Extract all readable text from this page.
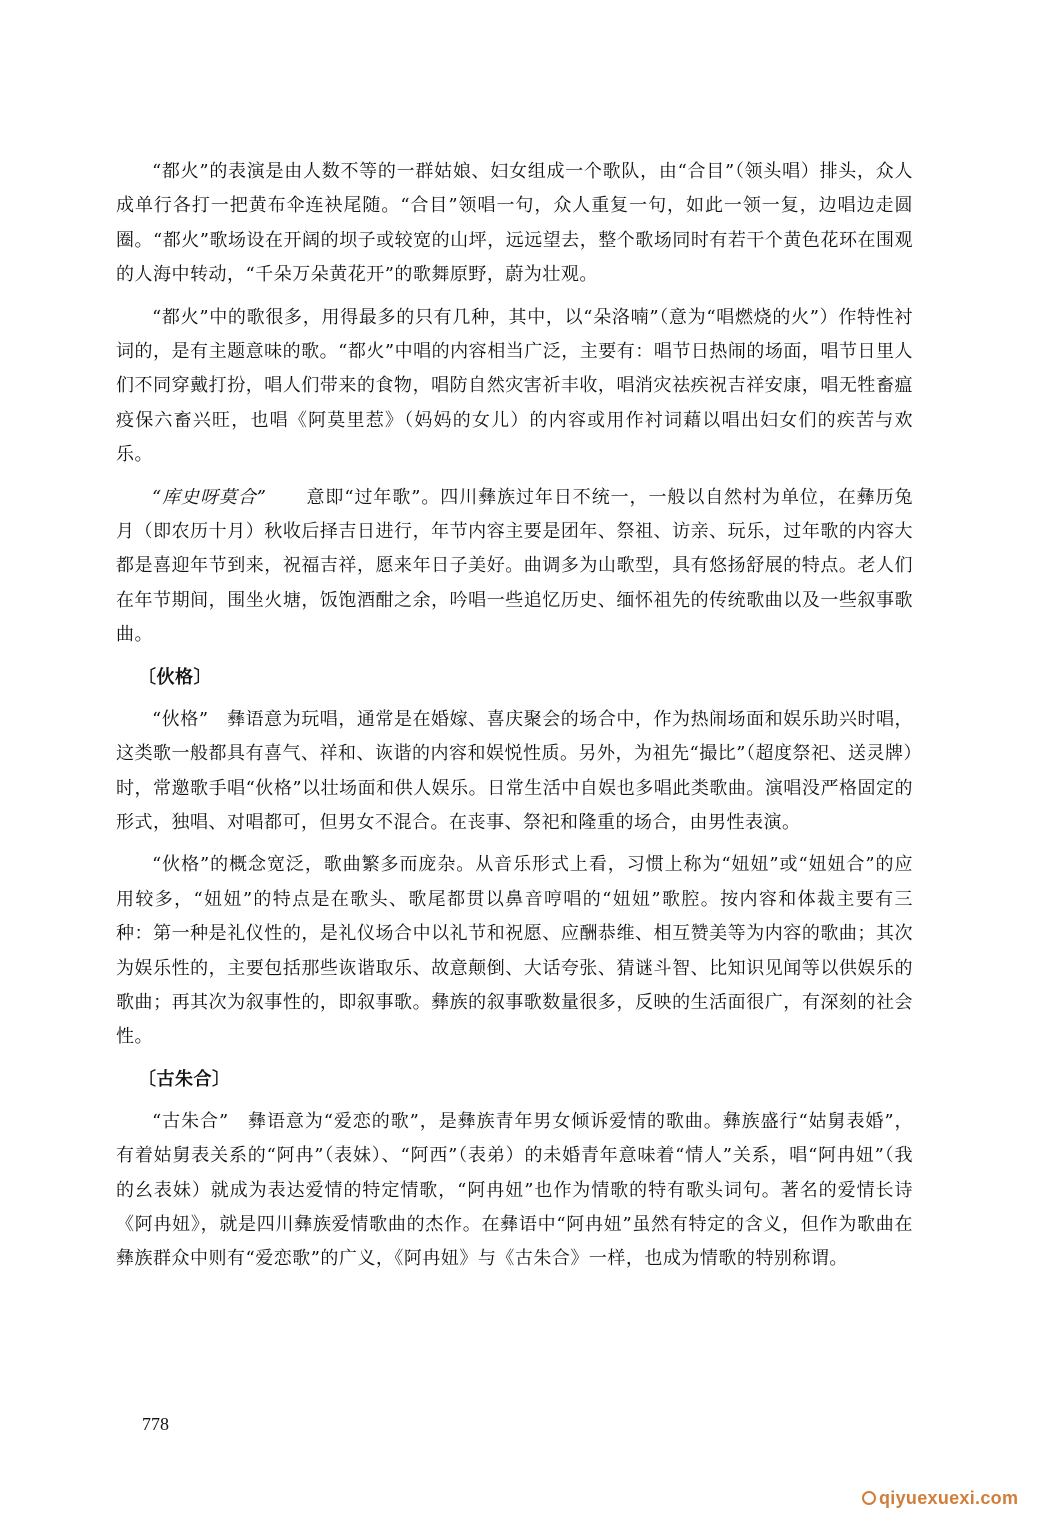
“都火”的表演是由人数不等的一群姑娘、妇女组成一个歌队，由“合目”（领头唱）排头，众人成单行各打一把黄布伞连袂尾随。“合目”领唱一句，众人重复一句，如此一领一复，边唱边走圆圈。“都火”歌场设在开阔的坝子或较宽的山坪，远远望去，整个歌场同时有若干个黄色花环在围观的人海中转动，“千朵万朵黄花开”的歌舞原野，蔚为壮观。

“都火”中的歌很多，用得最多的只有几种，其中，以“朵洛喃”（意为“唱燃烧的火”）作特性衬词的，是有主题意味的歌。“都火”中唱的内容相当广泛，主要有：唱节日热闹的场面，唱节日里人们不同穿戴打扮，唱人们带来的食物，唱防自然灾害祈丰收，唱消灾祛疾祝吉祥安康，唱无牲畜瘟疫保六畜兴旺，也唱《阿莫里惹》（妈妈的女儿）的内容或用作衬词藉以唱出妇女们的疾苦与欢乐。

“库史呀莫合” 意即“过年歌”。四川彝族过年日不统一，一般以自然村为单位，在彝历兔月（即农历十月）秋收后择吉日进行，年节内容主要是团年、祭祖、访亲、玩乐，过年歌的内容大都是喜迎年节到来，祝福吉祥，愿来年日子美好。曲调多为山歌型，具有悠扬舒展的特点。老人们在年节期间，围坐火塘，饭饱酒酣之余，吟唱一些追忆历史、缅怀祖先的传统歌曲以及一些叙事歌曲。

〔伙格〕

“伙格”　彝语意为玩唱，通常是在婚嫁、喜庆聚会的场合中，作为热闹场面和娱乐助兴时唱，这类歌一般都具有喜气、祥和、诙谐的内容和娱悦性质。另外，为祖先“撮比”（超度祭祀、送灵牌）时，常邀歌手唱“伙格”以壮场面和供人娱乐。日常生活中自娱也多唱此类歌曲。演唱没严格固定的形式，独唱、对唱都可，但男女不混合。在丧事、祭祀和隆重的场合，由男性表演。

“伙格”的概念宽泛，歌曲繁多而庞杂。从音乐形式上看，习惯上称为“妞妞”或“妞妞合”的应用较多，“妞妞”的特点是在歌头、歌尾都贯以鼻音哼唱的“妞妞”歌腔。按内容和体裁主要有三种：第一种是礼仪性的，是礼仪场合中以礼节和祝愿、应酬恭维、相互赞美等为内容的歌曲；其次为娱乐性的，主要包括那些诙谐取乐、故意颠倒、大话夸张、猜谜斗智、比知识见闻等以供娱乐的歌曲；再其次为叙事性的，即叙事歌。彝族的叙事歌数量很多，反映的生活面很广，有深刻的社会性。

〔古朱合〕

“古朱合”　彝语意为“爱恋的歌”，是彝族青年男女倾诉爱情的歌曲。彝族盛行“姑舅表婚”，有着姑舅表关系的“阿冉”（表妹）、“阿西”（表弟）的未婚青年意味着“情人”关系，唱“阿冉妞”（我的幺表妹）就成为表达爱情的特定情歌，“阿冉妞”也作为情歌的特有歌头词句。著名的爱情长诗《阿冉妞》，就是四川彝族爱情歌曲的杰作。在彝语中“阿冉妞”虽然有特定的含义，但作为歌曲在彝族群众中则有“爱恋歌”的广义，《阿冉妞》与《古朱合》一样，也成为情歌的特别称谓。

778
qiyuexuexi.com
